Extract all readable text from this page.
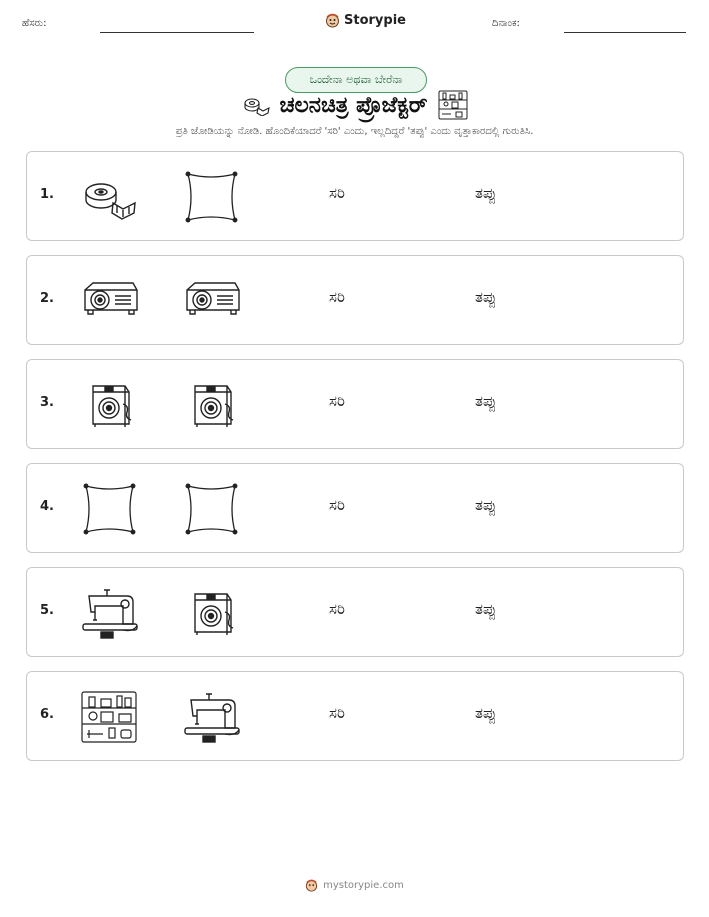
ಹೆಸರು:	Storypie	ದಿನಾಂಕ:
ಒಂದೇನಾ ಅಥವಾ ಬೇರೆನಾ
ಚಲನಚಿತ್ರ ಪ್ರೊಜೆಕ್ಟರ್
ಪ್ರತಿ ಜೋಡಿಯನ್ನು ನೋಡಿ. ಹೊಂದಿಕೆಯಾದರೆ 'ಸರಿ' ಎಂದು, ಇಲ್ಲದಿದ್ದರೆ 'ತಪ್ಪು' ಎಂದು ವೃತ್ತಾಕಾರದಲ್ಲಿ ಗುರುತಿಸಿ.
1.	ಸರಿ	ತಪ್ಪು
2.	ಸರಿ	ತಪ್ಪು
3.	ಸರಿ	ತಪ್ಪು
4.	ಸರಿ	ತಪ್ಪು
5.	ಸರಿ	ತಪ್ಪು
6.	ಸರಿ	ತಪ್ಪು
mystorypie.com
